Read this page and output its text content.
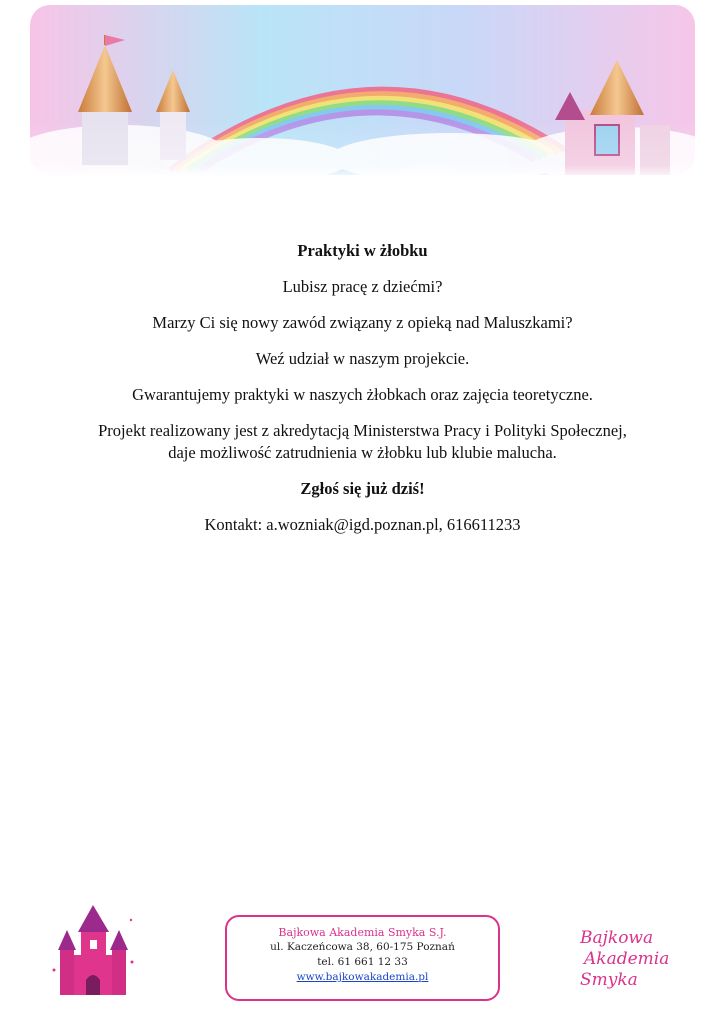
Praktyki w żłobku

Lubisz pracę z dziećmi?

Marzy Ci się nowy zawód związany z opieką nad Maluszkami?

Weź udział w naszym projekcie.

Gwarantujemy praktyki w naszych żłobkach oraz zajęcia teoretyczne.

Projekt realizowany jest z akredytacją Ministerstwa Pracy i Polityki Społecznej,
daje możliwość zatrudnienia w żłobku lub klubie malucha.

Zgłoś się już dziś!

Kontakt: a.wozniak@igd.poznan.pl, 616611233

Bajkowa Akademia Smyka S.J.
ul. Kaczeńcowa 38, 60-175 Poznań
tel. 61 661 12 33
www.bajkowakademia.pl
Bajkowa
Akademia
Smyka
